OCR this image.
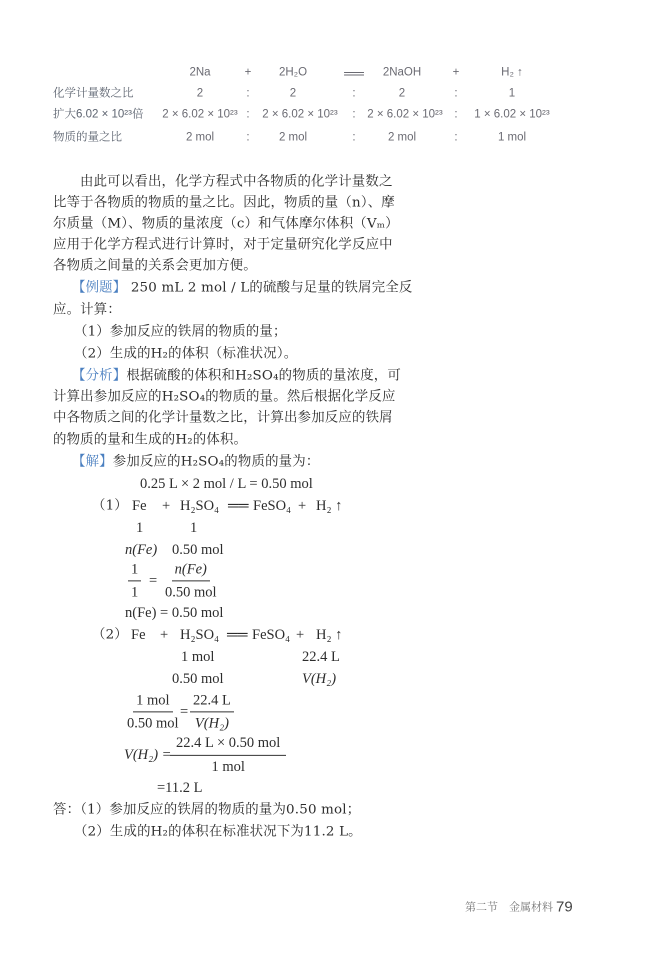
2Na	+ 2H₂O	══ 2NaOH	+	H₂ ↑
化学计量数之比	2	:	2	:	2	:	1
扩大6.02 × 10²³倍 2 × 6.02 × 10²³ : 2 × 6.02 × 10²³ : 2 × 6.02 × 10²³ : 1 × 6.02 × 10²³
物质的量之比	2 mol	:	2 mol	:	2 mol	:	1 mol
由此可以看出，化学方程式中各物质的化学计量数之
比等于各物质的物质的量之比。因此，物质的量（n）、摩
尔质量（M）、物质的量浓度（c）和气体摩尔体积（Vₘ）
应用于化学方程式进行计算时，对于定量研究化学反应中
各物质之间量的关系会更加方便。
【例题】 250 mL 2 mol / L的硫酸与足量的铁屑完全反
应。计算：
（1）参加反应的铁屑的物质的量；
（2）生成的H₂的体积（标准状况）。
【分析】根据硫酸的体积和H₂SO₄的物质的量浓度，可
计算出参加反应的H₂SO₄的物质的量。然后根据化学反应
中各物质之间的化学计量数之比，计算出参加反应的铁屑
的物质的量和生成的H₂的体积。
【解】参加反应的H₂SO₄的物质的量为：
0.25 L × 2 mol / L = 0.50 mol
（1） Fe + H₂SO₄ ══ FeSO₄ + H₂ ↑
1	1
n(Fe) 0.50 mol
$\frac{1}{1}$ =
n(Fe)
0.50 mol
n(Fe) = 0.50 mol
（2） Fe + H₂SO₄ ══ FeSO₄ + H₂ ↑
1 mol	22.4 L
0.50 mol	V(H₂)
1 mol
0.50 mol
= $\frac{22.4 L}{\text{V(H₂)}}$
V(H₂) =
22.4 L × 0.50 mol
1 mol
=11.2 L
答：（1）参加反应的铁屑的物质的量为0.50 mol；
（2）生成的H₂的体积在标准状况下为11.2 L。
第二节　金属材料 79
